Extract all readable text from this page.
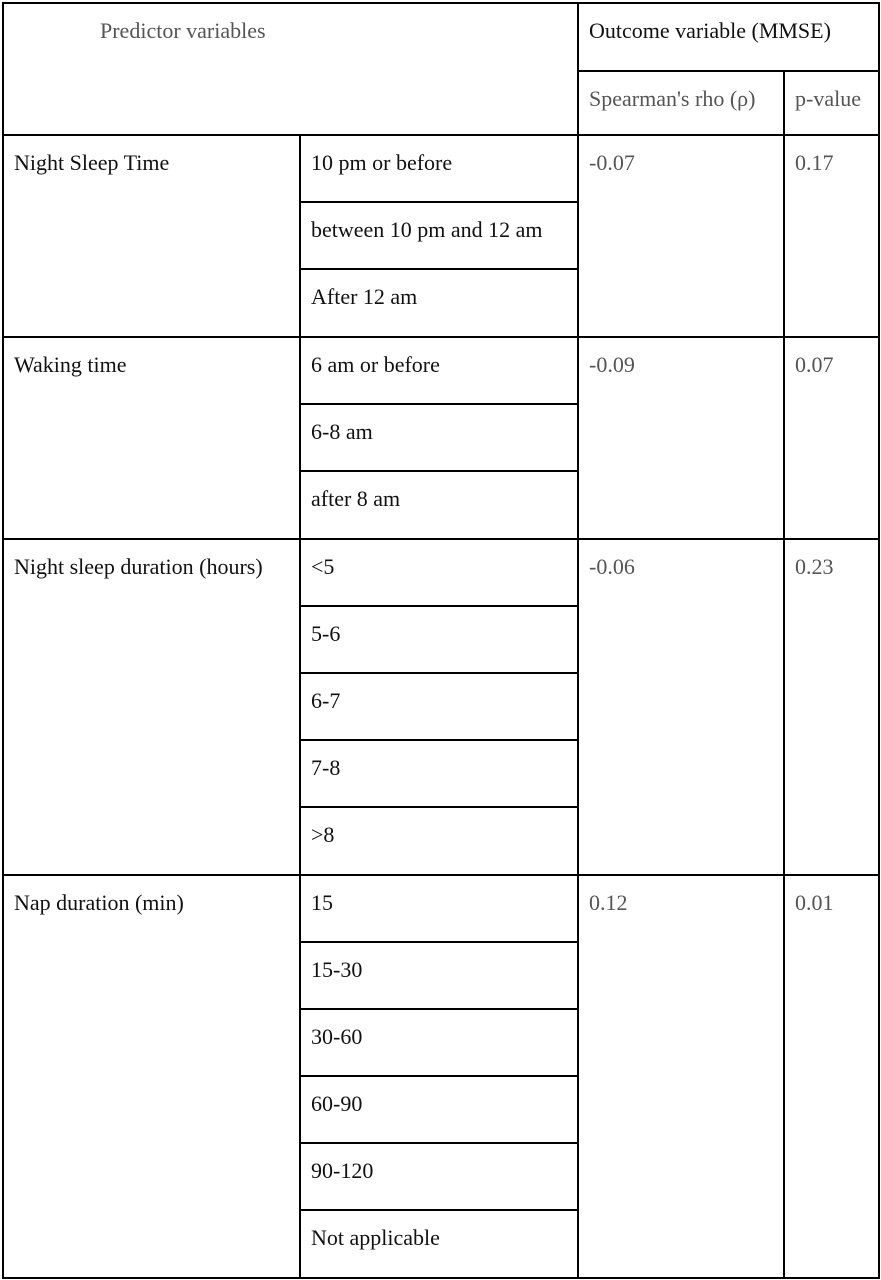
Predictor variables		Outcome variable (MMSE)	
		Spearman's rho (ρ)	p-value
Night Sleep Time	10 pm or before	-0.07	0.17
	between 10 pm and 12 am		
	After 12 am		
Waking time	6 am or before	-0.09	0.07
	6-8 am		
	after 8 am		
Night sleep duration (hours)	<5	-0.06	0.23
	5-6		
	6-7		
	7-8		
	>8		
Nap duration (min)	15	0.12	0.01
	15-30		
	30-60		
	60-90		
	90-120		
	Not applicable		
